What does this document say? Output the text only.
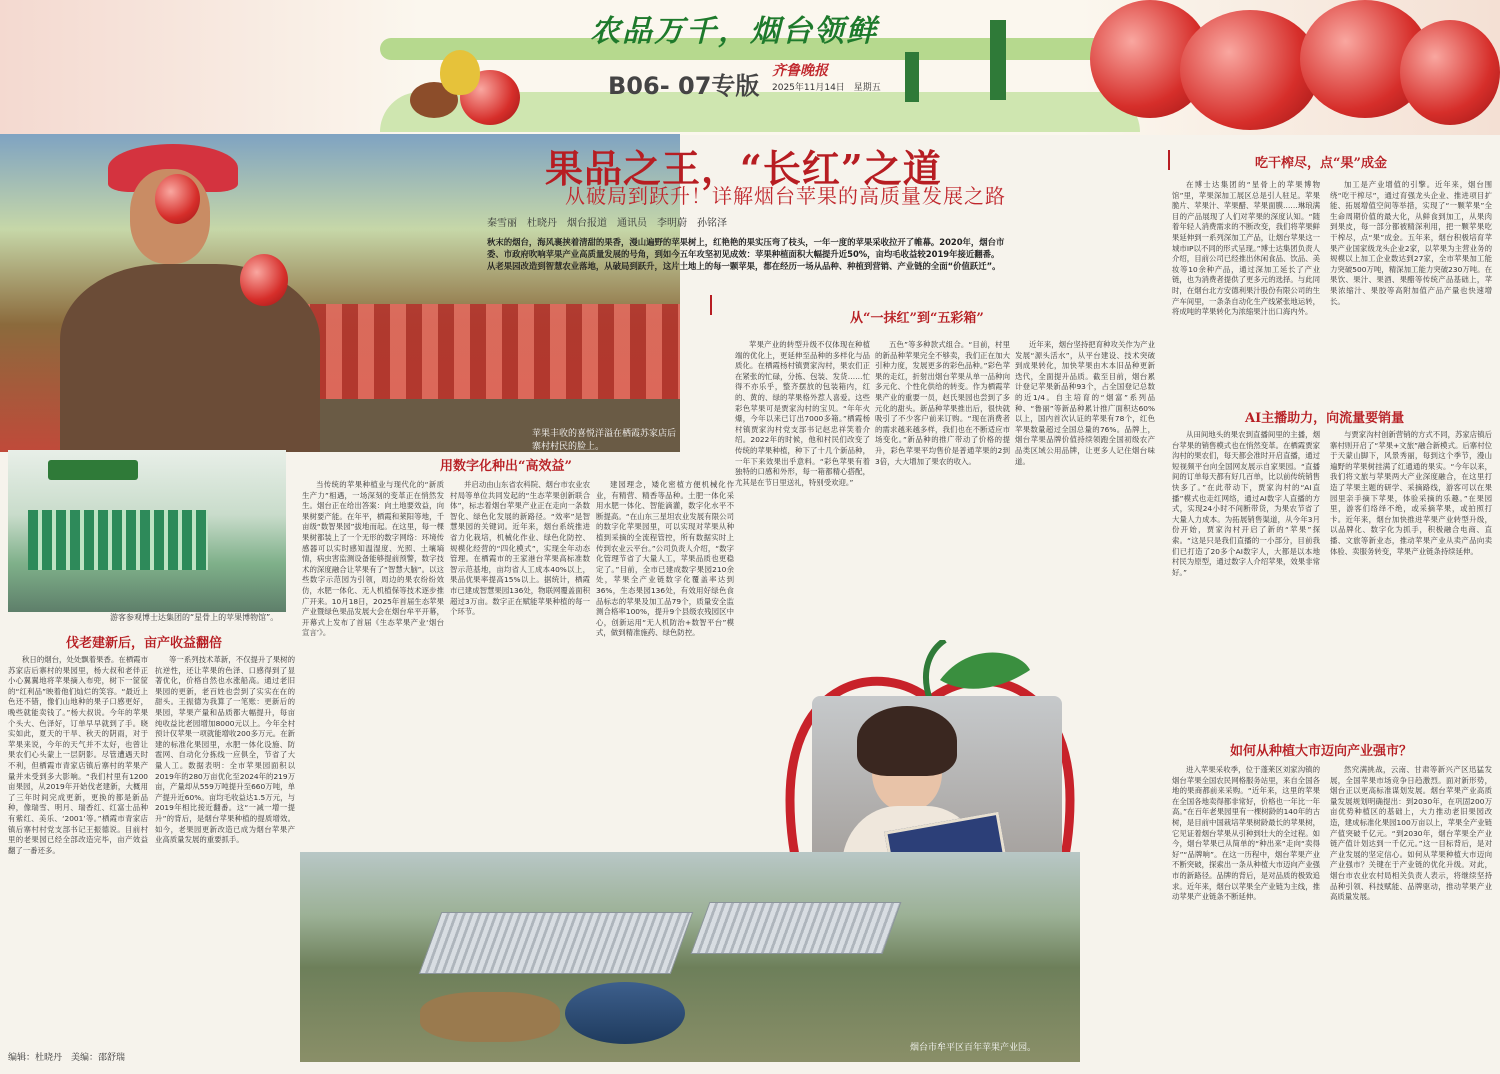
农品万千，烟台领鲜
B06- 07专版
齐鲁晚报
2025年11月14日　星期五
苹果丰收的喜悦洋溢在栖霞苏家店后寨村村民的脸上。
果品之王，“长红”之道
从破局到跃升！详解烟台苹果的高质量发展之路
秦雪丽　杜晓丹　烟台报道　通讯员　李明蔚　孙铭泽
秋末的烟台，海风裹挟着清甜的果香，漫山遍野的苹果树上，红艳艳的果实压弯了枝头，一年一度的苹果采收拉开了帷幕。2020年，烟台市委、市政府吹响苹果产业高质量发展的号角，到如今五年攻坚初见成效：苹果种植面积大幅提升近50%，亩均毛收益较2019年接近翻番。从老果园改造到智慧农业落地，从破局到跃升，这片土地上的每一颗苹果，都在经历一场从品种、种植到营销、产业链的全面“价值跃迁”。
游客参观博士达集团的“星骨上的苹果博物馆”。
伐老建新后，亩产收益翻倍
用数字化种出“高效益”
从“一抹红”到“五彩箱”
吃干榨尽，点“果”成金
AI主播助力，向流量要销量
如何从种植大市迈向产业强市？
秋日的烟台，处处飘着果香。在栖霞市苏家店后寨村的果园里，杨大叔和老伴正小心翼翼地将苹果摘入布兜，树下一筐筐的“红利品”映着他们灿烂的笑容。“最近上色还不错，像们山地种的果子口感更好，晚些就能卖钱了。”杨大叔说。今年的苹果个头大、色泽好，订单早早就到了手。晓实如此，夏天的干旱、秋天的阴雨，对于苹果来说，今年的天气并不太好，也曾让果农们心头蒙上一层阴影。尽管遭遇天时不利，但栖霞市青家店镇后寨村的苹果产量并未受到多大影响。“我们村里有1200亩果园，从2019年开始伐老建新，大概用了三年时间完成更新，更换的都是新品种，像瑞雪、明月、瑞香红、红富士品种有紫红、美乐、‘2001’等。”栖霞市青家店镇后寨村村党支部书记王振德说。目前村里的老果园已经全部改造完毕，亩产效益翻了一番还多。
等一系列技术革新，不仅提升了果树的抗逆性，还让苹果的色泽、口感得到了显著优化，价格自然也水涨船高。通过老旧果园的更新，老百姓也尝到了实实在在的甜头。王振德为我算了一笔账：更新后的果园，苹果产量和品质都大幅提升，每亩纯收益比老园增加8000元以上。今年全村预计仅苹果一项就能增收200多万元。在新建的标准化果园里，水肥一体化设施、防雹网、自动化分拣线一应俱全，节省了大量人工。数据表明：全市苹果园面积以2019年的280万亩优化至2024年的219万亩，产量却从559万吨提升至660万吨，单产提升近60%。亩均毛收益达1.5万元，与2019年相比接近翻番。这“一减一增一提升”的背后，是烟台苹果种植的提质增效。如今，老果园更新改造已成为烟台苹果产业高质量发展的重要抓手。
当传统的苹果种植业与现代化的“新质生产力”相遇，一场深刻的变革正在悄然发生。烟台正在给出答案：向土地要效益，向果树要产能。在年平，栖霞和莱阳等地，千亩级“数智果园”拔地而起。在这里，每一棵果树都装上了一个无形的数字网络：环境传感器可以实时感知温湿度、光照、土壤墒情，病虫害监测设备能够提前预警，数字技术的深度融合让苹果有了“智慧大脑”。以这些数字示范园为引领，周边的果农纷纷效仿，水肥一体化、无人机植保等技术逐步推广开来。10月18日，2025年首届生态苹果产业暨绿色果品发展大会在烟台牟平开幕，开幕式上发布了首届《生态苹果产业‘烟台宣言’》。
并启动由山东省农科院、烟台市农业农村局等单位共同发起的“生态苹果创新联合体”，标志着烟台苹果产业正在走向一条数智化、绿色化发展的新路径。“效率”是智慧果园的关键词。近年来，烟台系统推进省力化栽培，机械化作业、绿色化防控、规模化经营的“四化模式”，实现全年动态管理。在栖霞市的王家港台苹果高标准数智示范基地，亩均省人工成本40%以上，果品优果率提高15%以上。据统计，栖霞市已建成智慧果园136处，物联网覆盖面积超过3万亩。数字正在赋能苹果种植的每一个环节。
建园理念，矮化密植方便机械化作业，有精营、精香等品种。土肥一体化采用水肥一体化、智能滴灌，数字化水平不断提高。“在山东三星坦农业发展有限公司的数字化苹果园里，可以实现对苹果从种植到采摘的全流程管控，所有数据实时上传到农业云平台。”公司负责人介绍，“数字化管理节省了大量人工，苹果品质也更稳定了。”目前，全市已建成数字果园210余处，苹果全产业链数字化覆盖率达到36%，生态果园136处，有效用好绿色食品标志的苹果及加工品79个，质量安全监测合格率100%，提升9个县级农残园区中心，创新运用“无人机防治+数智平台”模式，做到精准施药、绿色防控。
苹果产业的转型升级不仅体现在种植端的优化上，更延伸至品种的多样化与品质化。在栖霞杨村镇贾家沟村，果农们正在紧张的忙碌，分拣、包装、发货……忙得不亦乐乎，整齐摆放的包装箱内，红的、黄的、绿的苹果格外惹人喜爱。这些彩色苹果可是贾家沟村的宝贝。“年年火爆，今年以来已订出7000多箱。”栖霞杨村镇贾家沟村党支部书记赵忠祥笑着介绍。2022年的时候，他和村民们改变了传统的苹果种植，种下了十几个新品种，一年下来效果出乎意料。“彩色苹果有着独特的口感和外形，每一箱都精心搭配，尤其是在节日里送礼，特别受欢迎。”
五色”等多种款式组合。“目前，村里的新品种苹果完全不够卖，我们正在加大引种力度，发展更多的彩色品种。”彩色苹果的走红，折射出烟台苹果从单一品种向多元化、个性化供给的转变。作为栖霞苹果产业的重要一员，赵氏果园也尝到了多元化的甜头。新品种苹果推出后，很快就吸引了不少客户前来订购。“现在消费者的需求越来越多样，我们也在不断适应市场变化。”新品种的推广带动了价格的提升，彩色苹果平均售价是普通苹果的2到3倍，大大增加了果农的收入。
近年来，烟台坚持把育种攻关作为产业发展“源头活水”，从平台建设、技术突破到成果转化，加快苹果由木本旧品种更新迭代，全面提升品质。截至目前，烟台累计登记苹果新品种93个，占全国登记总数的近1/4。自主培育的“烟富”系列品种、“鲁丽”等新品种累计推广面积达60%以上，国内首次认证的苹果有78个，红色苹果数量超过全国总量的76%。品牌上，烟台苹果品牌价值持续领跑全国初级农产品类区域公用品牌，让更多人记住烟台味道。
在博士达集团的“星骨上的苹果博物馆”里，苹果深加工展区总是引人驻足。苹果脆片、苹果汁、苹果醋、苹果面膜……琳琅满目的产品展现了人们对苹果的深度认知。“随着年轻人消费需求的不断改变，我们将苹果鲜果延伸到一系列深加工产品，让烟台苹果这一城市IP以不同的形式呈现。”博士达集团负责人介绍，目前公司已经推出休闲食品、饮品、美妆等10余种产品，通过深加工延长了产业链，也为消费者提供了更多元的选择。与此同时，在烟台北方安德利果汁股份有限公司的生产车间里，一条条自动化生产线紧张地运转，将成吨的苹果转化为浓缩果汁出口海内外。
加工是产业增值的引擎。近年来，烟台围绕“吃干榨尽”，通过育强龙头企业、推进项目扩能、拓展增值空间等举措，实现了“一颗苹果”全生命周期价值的最大化，从鲜食到加工，从果肉到果皮，每一部分都被精深利用，把一颗苹果吃干榨尽，点“果”成金。五年来，烟台积极培育苹果产业国家级龙头企业2家，以苹果为主营业务的规模以上加工企业数达到27家，全市苹果加工能力突破500万吨，精深加工能力突破230万吨。在果饮、果汁、果酒、果醋等传统产品基础上，苹果浓缩汁、果胶等高附加值产品产量也快速增长。
从田间地头的果农到直播间里的主播，烟台苹果的销售模式也在悄然变革。在栖霞贾家沟村的果农们，每天都会准时开启直播，通过短视频平台向全国网友展示自家果园。“直播间的订单每天都有好几百单，比以前传统销售快多了。”在此带动下，贾家沟村的“AI直播”模式也走红网络，通过AI数字人直播的方式，实现24小时不间断带货，为果农节省了大量人力成本。为拓展销售渠道，从今年3月份开始，贾家沟村开启了新的“苹果”探索。“这是只是我们直播的一小部分，目前我们已打造了20多个AI数字人，大都是以本地村民为原型，通过数字人介绍苹果，效果非常好。”
与贾家沟村创新营销的方式不同，苏家店镇后寨村则开启了“苹果+文旅”融合新模式。后寨村位于天蒙山脚下，风景秀丽，每到这个季节，漫山遍野的苹果树挂满了红通通的果实。“今年以来，我们将文旅与苹果两大产业深度融合，在这里打造了苹果主题的研学、采摘路线，游客可以在果园里亲手摘下苹果，体验采摘的乐趣。”在果园里，游客们络绎不绝，或采摘苹果，或拍照打卡。近年来，烟台加快推进苹果产业转型升级，以品牌化、数字化为抓手，积极融合电商、直播、文旅等新业态，推动苹果产业从卖产品向卖体验、卖服务转变，苹果产业链条持续延伸。
进入苹果采收季，位于蓬莱区刘家沟镇的烟台苹果全国农民网格服务站里，来自全国各地的果商都前来采购。“近年来，这里的苹果在全国各地卖得都非常好，价格也一年比一年高。”在百年老果园里有一棵树龄的140年的古树，是目前中国栽培苹果树龄最长的苹果树，它见证着烟台苹果从引种到壮大的全过程。如今，烟台苹果已从简单的“种出来”走向“卖得好”“品牌响”。在这一历程中，烟台苹果产业不断突破，探索出一条从种植大市迈向产业强市的新路径。品牌的背后，是对品质的极致追求。近年来，烟台以苹果全产业链为主线，推动苹果产业链条不断延伸。
然究满挑战，云南、甘肃等新兴产区迅猛发展，全国苹果市场竞争日趋激烈。面对新形势，烟台正以更高标准谋划发展。烟台苹果产业高质量发展规划明确提出：到2030年，在巩固200万亩优势种植区的基础上，大力推动老旧果园改造，建成标准化果园100万亩以上，苹果全产业链产值突破千亿元。“到2030年，烟台苹果全产业链产值计划达到一千亿元。”这一目标背后，是对产业发展的坚定信心。如何从苹果种植大市迈向产业强市？关键在于产业链的优化升级。对此，烟台市农业农村局相关负责人表示，将继续坚持品种引领、科技赋能、品牌驱动，推动苹果产业高质量发展。
烟台市牟平区百年苹果产业园。
编辑：杜晓丹　美编：邵舒瑞
